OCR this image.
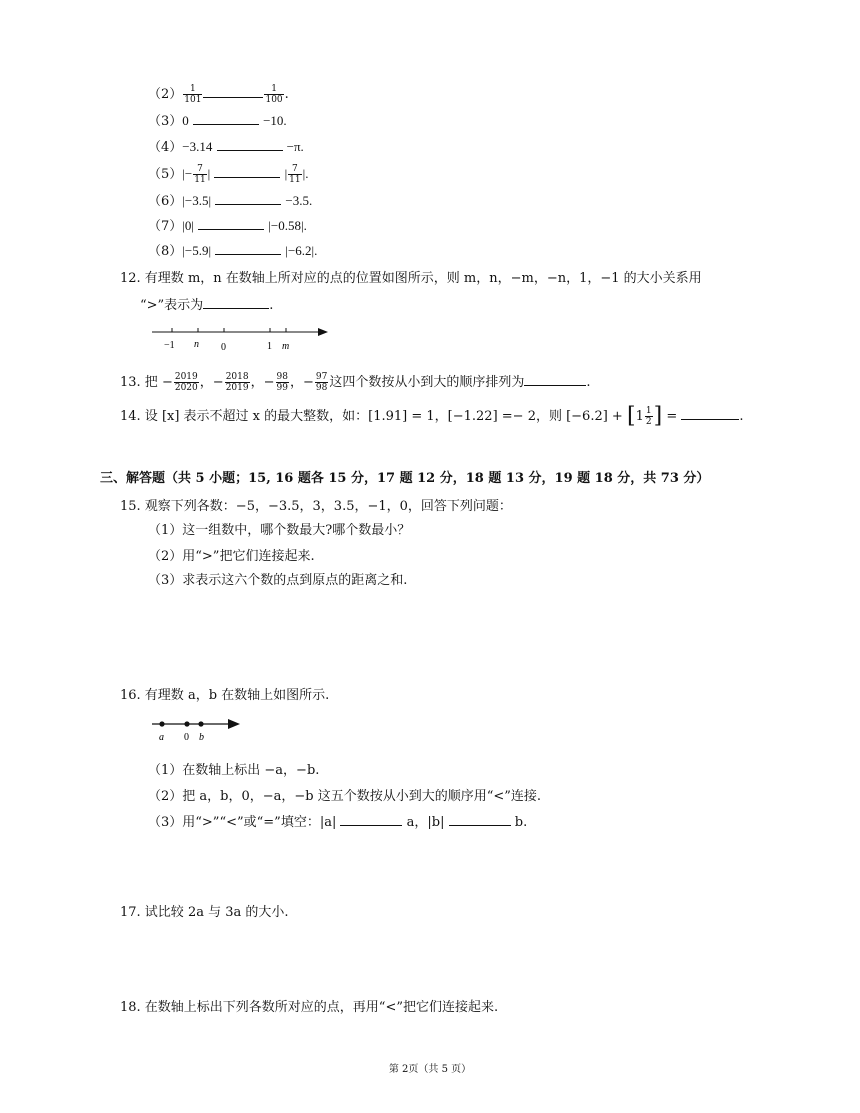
$(2) \frac{1}{101}$	$\frac{1}{100}$ .
（3）0	−10.
（4）−3.14	−π.
$(5)|- \frac{7}{11}$ |	| $\frac{7}{11}$ |.
（6）|−3.5|	−3.5.
（7）|0|	|−0.58|.
（8）|−5.9|	|−6.2|.
12. 有理数 m，n 在数轴上所对应的点的位置如图所示，则 m，n，−m，−n，1，−1 的大小关系用
“>”表示为	.
−1 n 0	1 m
13. 把 − $\frac{2019}{2020}$ ，− $\frac{2018}{2019}$ ，− $\frac{98}{99}$ ，− $\frac{97}{98}$ 这四个数按从小到大的顺序排列为	.
14. 设 [x] 表示不超过 x 的最大整数，如：[1.91] = 1，[−1.22] =− 2，则 $[-6.2] + [1 \frac{1}{2}$ ] =	.
三、解答题（共 5 小题；15, 16 题各 15 分，17 题 12 分，18 题 13 分，19 题 18 分，共 73 分）
15. 观察下列各数：−5，−3.5，3，3.5，−1，0，回答下列问题：
（1）这一组数中，哪个数最大?哪个数最小？
（2）用“>”把它们连接起来.
（3）求表示这六个数的点到原点的距离之和.
16. 有理数 a，b 在数轴上如图所示.
a 0 b
（1）在数轴上标出 −a，−b.
（2）把 a，b，0，−a，−b 这五个数按从小到大的顺序用“<”连接.
（3）用“>”“<”或“=”填空：|a|	a，|b|	b.
17. 试比较 2a 与 3a 的大小.
18. 在数轴上标出下列各数所对应的点，再用“<”把它们连接起来.
第 2页（共 5 页）
